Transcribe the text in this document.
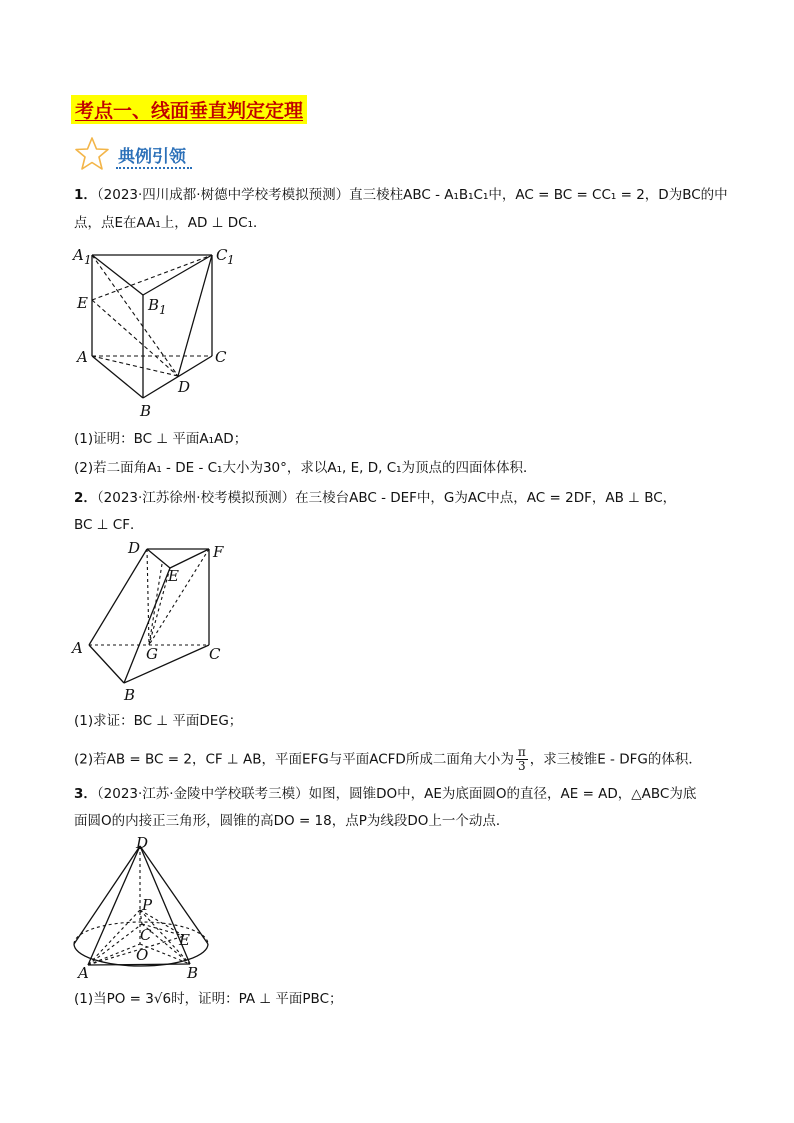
考点一、线面垂直判定定理
典例引领
1．（2023·四川成都·树德中学校考模拟预测）直三棱柱ABC - A₁B₁C₁中，AC = BC = CC₁ = 2，D为BC的中
点，点E在AA₁上，AD ⊥ DC₁．
A 1	C 1
B 1
E
A	C
D
B
(1)证明：BC ⊥ 平面A₁AD；
(2)若二面角A₁ - DE - C₁大小为30°，求以A₁, E, D, C₁为顶点的四面体体积．
2．（2023·江苏徐州·校考模拟预测）在三棱台ABC - DEF中，G为AC中点，AC = 2DF，AB ⊥ BC，
BC ⊥ CF．
D	F
E
A	G	C
B
(1)求证：BC ⊥ 平面DEG；
(2)若AB = BC = 2，CF ⊥ AB，平面EFG与平面ACFD所成二面角大小为 $\frac{\pi}{3}$ ，求三棱锥E - DFG的体积．
3．（2023·江苏·金陵中学校联考三模）如图，圆锥DO中，AE为底面圆O的直径，AE = AD，△ABC为底
面圆O的内接正三角形，圆锥的高DO = 18，点P为线段DO上一个动点．
D
P
C E
O
A	B
(1)当PO = 3√6时，证明：PA ⊥ 平面PBC；
